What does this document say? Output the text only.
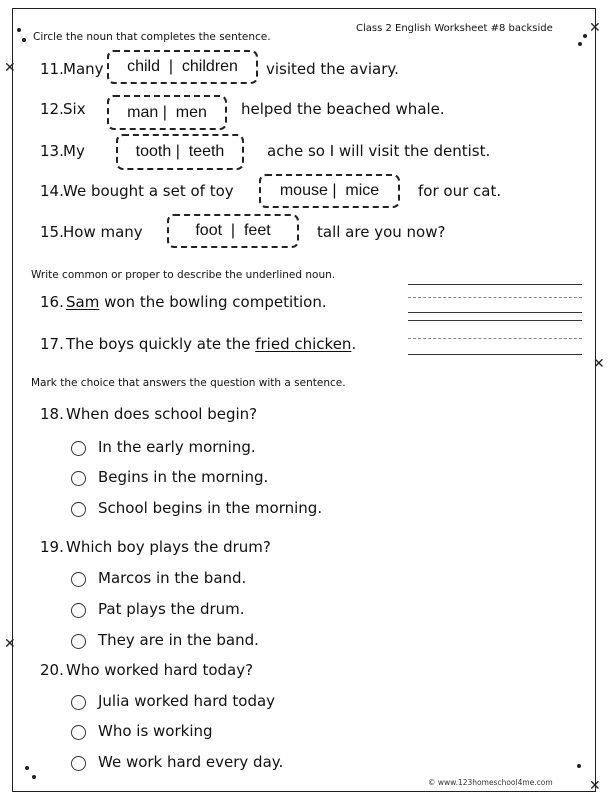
✕
✕
✕
✕
✕
Class 2 English Worksheet #8 backside
Circle the noun that completes the sentence.
11. Many	child  |  children	visited the aviary.
12. Six	man |  men	helped the beached whale.
13. My	tooth |  teeth	ache so I will visit the dentist.
14. We bought a set of toy	mouse |  mice	for our cat.
15. How many	foot  |  feet	tall are you now?
Write common or proper to describe the underlined noun.
16. Sam won the bowling competition.
17. The boys quickly ate the fried chicken.
Mark the choice that answers the question with a sentence.
18. When does school begin?
In the early morning.
Begins in the morning.
School begins in the morning.
19. Which boy plays the drum?
Marcos in the band.
Pat plays the drum.
They are in the band.
20. Who worked hard today?
Julia worked hard today
Who is working
We work hard every day.
© www.123homeschool4me.com
